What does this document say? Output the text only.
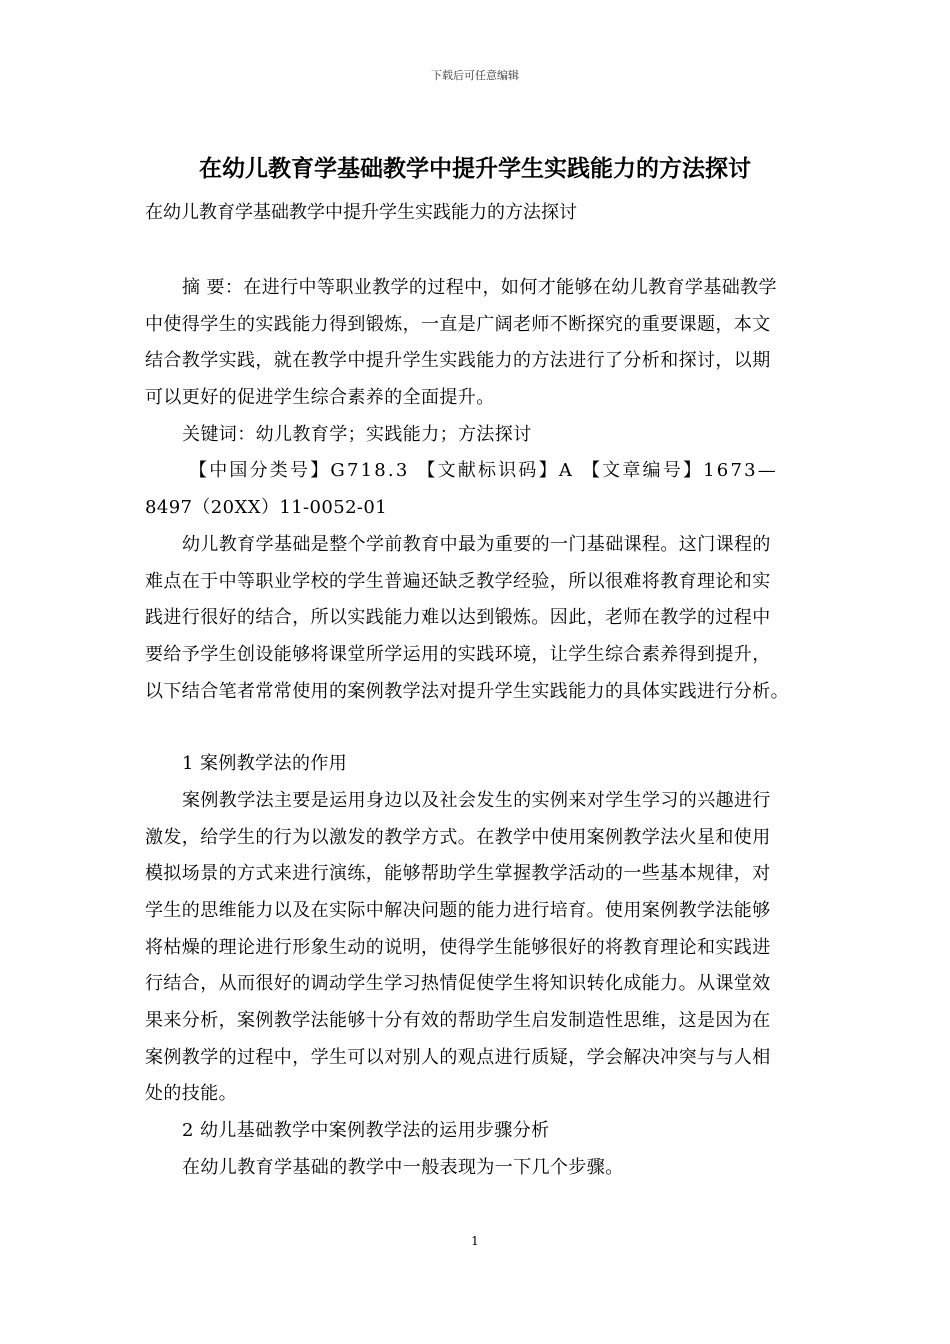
下载后可任意编辑
在幼儿教育学基础教学中提升学生实践能力的方法探讨

在幼儿教育学基础教学中提升学生实践能力的方法探讨

摘 要：在进行中等职业教学的过程中，如何才能够在幼儿教育学基础教学
中使得学生的实践能力得到锻炼，一直是广阔老师不断探究的重要课题，本文
结合教学实践，就在教学中提升学生实践能力的方法进行了分析和探讨，以期
可以更好的促进学生综合素养的全面提升。
关键词：幼儿教育学；实践能力；方法探讨
【中国分类号】G718.3 【文献标识码】A 【文章编号】1673—
8497（20XX）11-0052-01
幼儿教育学基础是整个学前教育中最为重要的一门基础课程。这门课程的
难点在于中等职业学校的学生普遍还缺乏教学经验，所以很难将教育理论和实
践进行很好的结合，所以实践能力难以达到锻炼。因此，老师在教学的过程中
要给予学生创设能够将课堂所学运用的实践环境，让学生综合素养得到提升，
以下结合笔者常常使用的案例教学法对提升学生实践能力的具体实践进行分析。
1 案例教学法的作用
案例教学法主要是运用身边以及社会发生的实例来对学生学习的兴趣进行
激发，给学生的行为以激发的教学方式。在教学中使用案例教学法火星和使用
模拟场景的方式来进行演练，能够帮助学生掌握教学活动的一些基本规律，对
学生的思维能力以及在实际中解决问题的能力进行培育。使用案例教学法能够
将枯燥的理论进行形象生动的说明，使得学生能够很好的将教育理论和实践进
行结合，从而很好的调动学生学习热情促使学生将知识转化成能力。从课堂效
果来分析，案例教学法能够十分有效的帮助学生启发制造性思维，这是因为在
案例教学的过程中，学生可以对别人的观点进行质疑，学会解决冲突与与人相
处的技能。
2 幼儿基础教学中案例教学法的运用步骤分析
在幼儿教育学基础的教学中一般表现为一下几个步骤。
1
